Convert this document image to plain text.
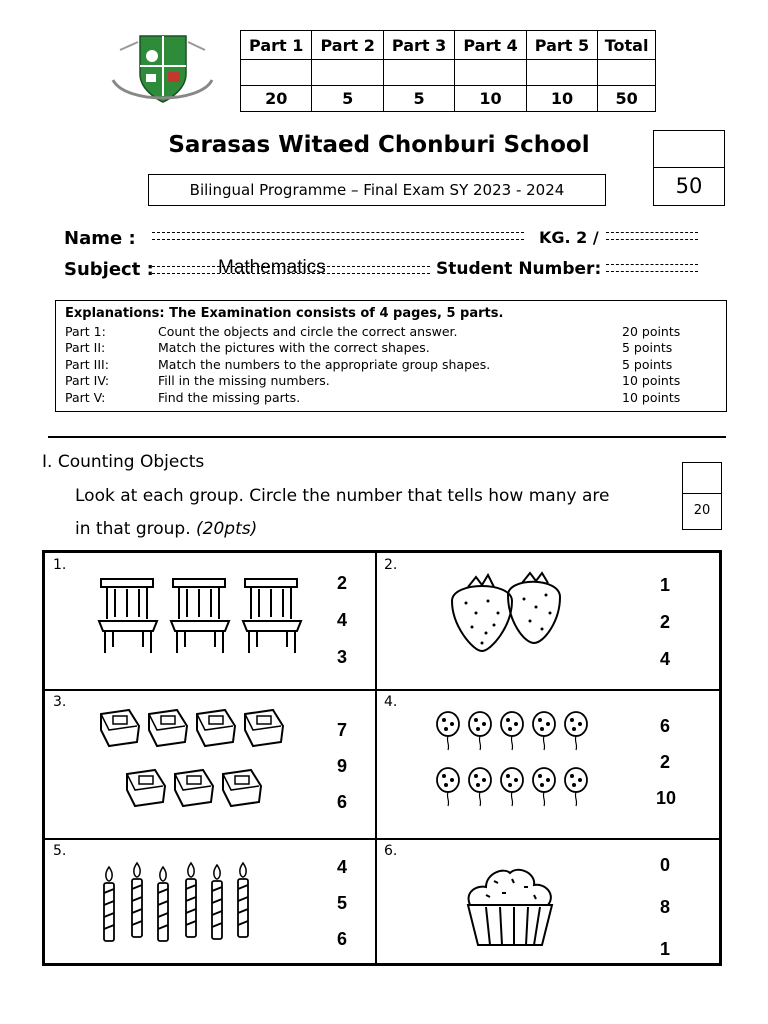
Part 1	Part 2	Part 3	Part 4	Part 5	Total

20	5	5	10	10	50
Sarasas Witaed Chonburi School
Bilingual Programme – Final Exam SY 2023 - 2024	50
Name :	KG. 2 /
Subject :	Mathematics	Student Number:
Explanations: The Examination consists of 4 pages, 5 parts.
Part 1:	Count the objects and circle the correct answer.	20 points
Part II:	Match the pictures with the correct shapes.	5 points
Part III:	Match the numbers to the appropriate group shapes.	5 points
Part IV:	Fill in the missing numbers.	10 points
Part V:	Find the missing parts.	10 points
I. Counting Objects
Look at each group. Circle the number that tells how many are
in that group. (20pts)
20
1.
2
4
3
2.
1
2
4
3.
7
9
6
4.
6
2
10
5.
4
5
6
6.
0
8
1
